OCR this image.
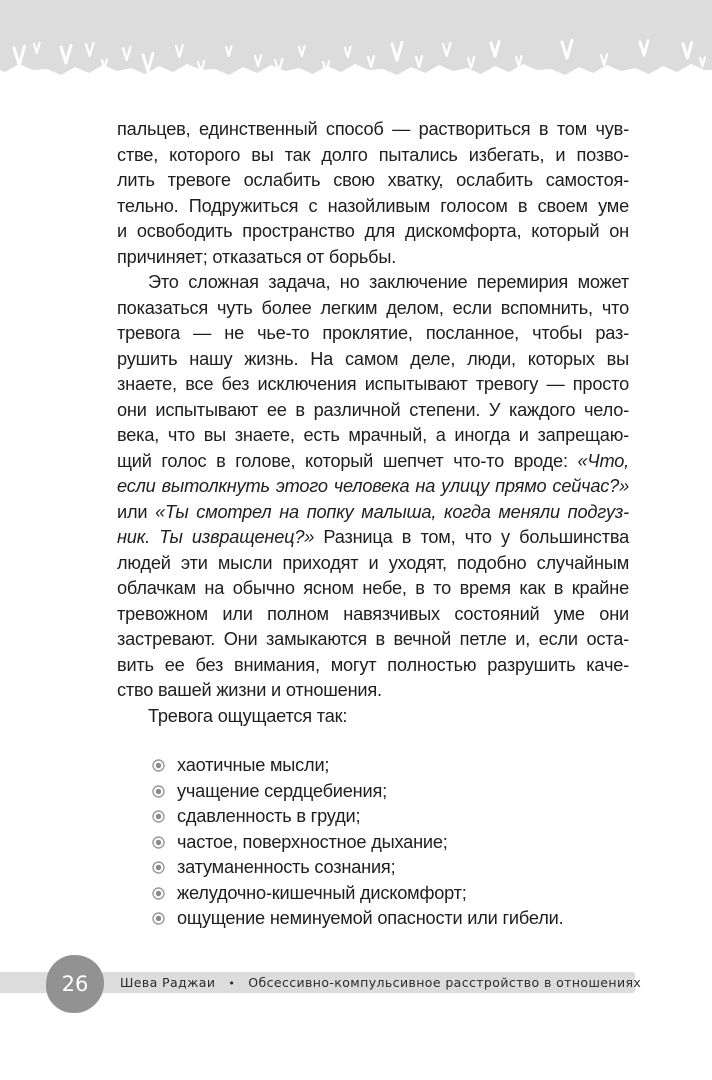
пальцев, единственный способ — раствориться в том чув-
стве, которого вы так долго пытались избегать, и позво-
лить тревоге ослабить свою хватку, ослабить самостоя-
тельно. Подружиться с назойливым голосом в своем уме
и освободить пространство для дискомфорта, который он
причиняет; отказаться от борьбы.
Это сложная задача, но заключение перемирия может
показаться чуть более легким делом, если вспомнить, что
тревога — не чье-то проклятие, посланное, чтобы раз-
рушить нашу жизнь. На самом деле, люди, которых вы
знаете, все без исключения испытывают тревогу — просто
они испытывают ее в различной степени. У каждого чело-
века, что вы знаете, есть мрачный, а иногда и запрещаю-
щий голос в голове, который шепчет что-то вроде: «Что,
если вытолкнуть этого человека на улицу прямо сейчас?»
или «Ты смотрел на попку малыша, когда меняли подгуз-
ник. Ты извращенец?» Разница в том, что у большинства
людей эти мысли приходят и уходят, подобно случайным
облачкам на обычно ясном небе, в то время как в крайне
тревожном или полном навязчивых состояний уме они
застревают. Они замыкаются в вечной петле и, если оста-
вить ее без внимания, могут полностью разрушить каче-
ство вашей жизни и отношения.
Тревога ощущается так:
хаотичные мысли;
учащение сердцебиения;
сдавленность в груди;
частое, поверхностное дыхание;
затуманенность сознания;
желудочно-кишечный дискомфорт;
ощущение неминуемой опасности или гибели.
Шева Раджаи • Обсессивно-компульсивное расстройство в отношениях
26
